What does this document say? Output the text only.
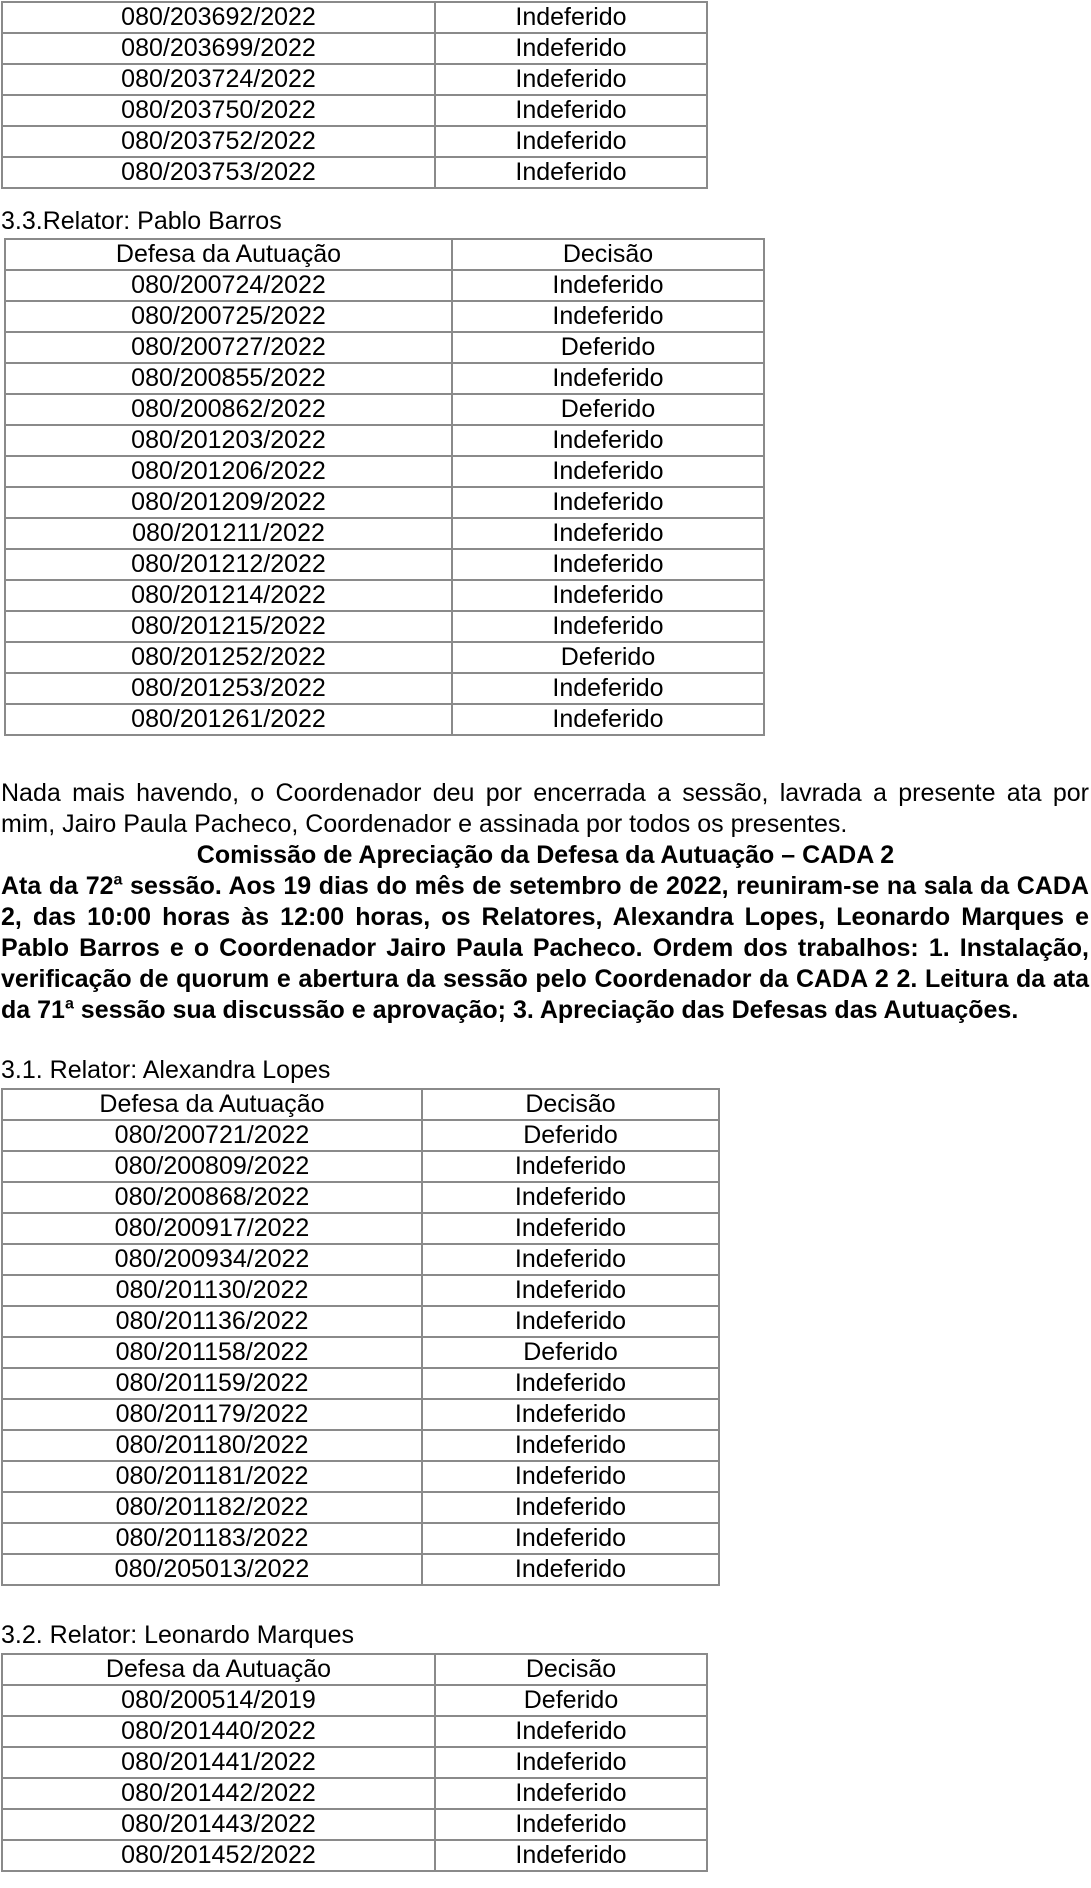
080/203692/2022	Indeferido
080/203699/2022	Indeferido
080/203724/2022	Indeferido
080/203750/2022	Indeferido
080/203752/2022	Indeferido
080/203753/2022	Indeferido
3.3.Relator: Pablo Barros
Defesa da Autuação	Decisão
080/200724/2022	Indeferido
080/200725/2022	Indeferido
080/200727/2022	Deferido
080/200855/2022	Indeferido
080/200862/2022	Deferido
080/201203/2022	Indeferido
080/201206/2022	Indeferido
080/201209/2022	Indeferido
080/201211/2022	Indeferido
080/201212/2022	Indeferido
080/201214/2022	Indeferido
080/201215/2022	Indeferido
080/201252/2022	Deferido
080/201253/2022	Indeferido
080/201261/2022	Indeferido
Nada mais havendo, o Coordenador deu por encerrada a sessão, lavrada a presente ata por mim, Jairo Paula Pacheco, Coordenador e assinada por todos os presentes.
Comissão de Apreciação da Defesa da Autuação – CADA 2
Ata da 72$^a$ sessão. Aos 19 dias do mês de setembro de 2022, reuniram-se na sala da CADA 2, das 10:00 horas às 12:00 horas, os Relatores, Alexandra Lopes, Leonardo Marques e Pablo Barros e o Coordenador Jairo Paula Pacheco. Ordem dos trabalhos: 1. Instalação, verificação de quorum e abertura da sessão pelo Coordenador da CADA 2 2. Leitura da ata da 71$^a$ sessão sua discussão e aprovação; 3. Apreciação das Defesas das Autuações.
3.1. Relator: Alexandra Lopes
Defesa da Autuação	Decisão
080/200721/2022	Deferido
080/200809/2022	Indeferido
080/200868/2022	Indeferido
080/200917/2022	Indeferido
080/200934/2022	Indeferido
080/201130/2022	Indeferido
080/201136/2022	Indeferido
080/201158/2022	Deferido
080/201159/2022	Indeferido
080/201179/2022	Indeferido
080/201180/2022	Indeferido
080/201181/2022	Indeferido
080/201182/2022	Indeferido
080/201183/2022	Indeferido
080/205013/2022	Indeferido
3.2. Relator: Leonardo Marques
Defesa da Autuação	Decisão
080/200514/2019	Deferido
080/201440/2022	Indeferido
080/201441/2022	Indeferido
080/201442/2022	Indeferido
080/201443/2022	Indeferido
080/201452/2022	Indeferido
